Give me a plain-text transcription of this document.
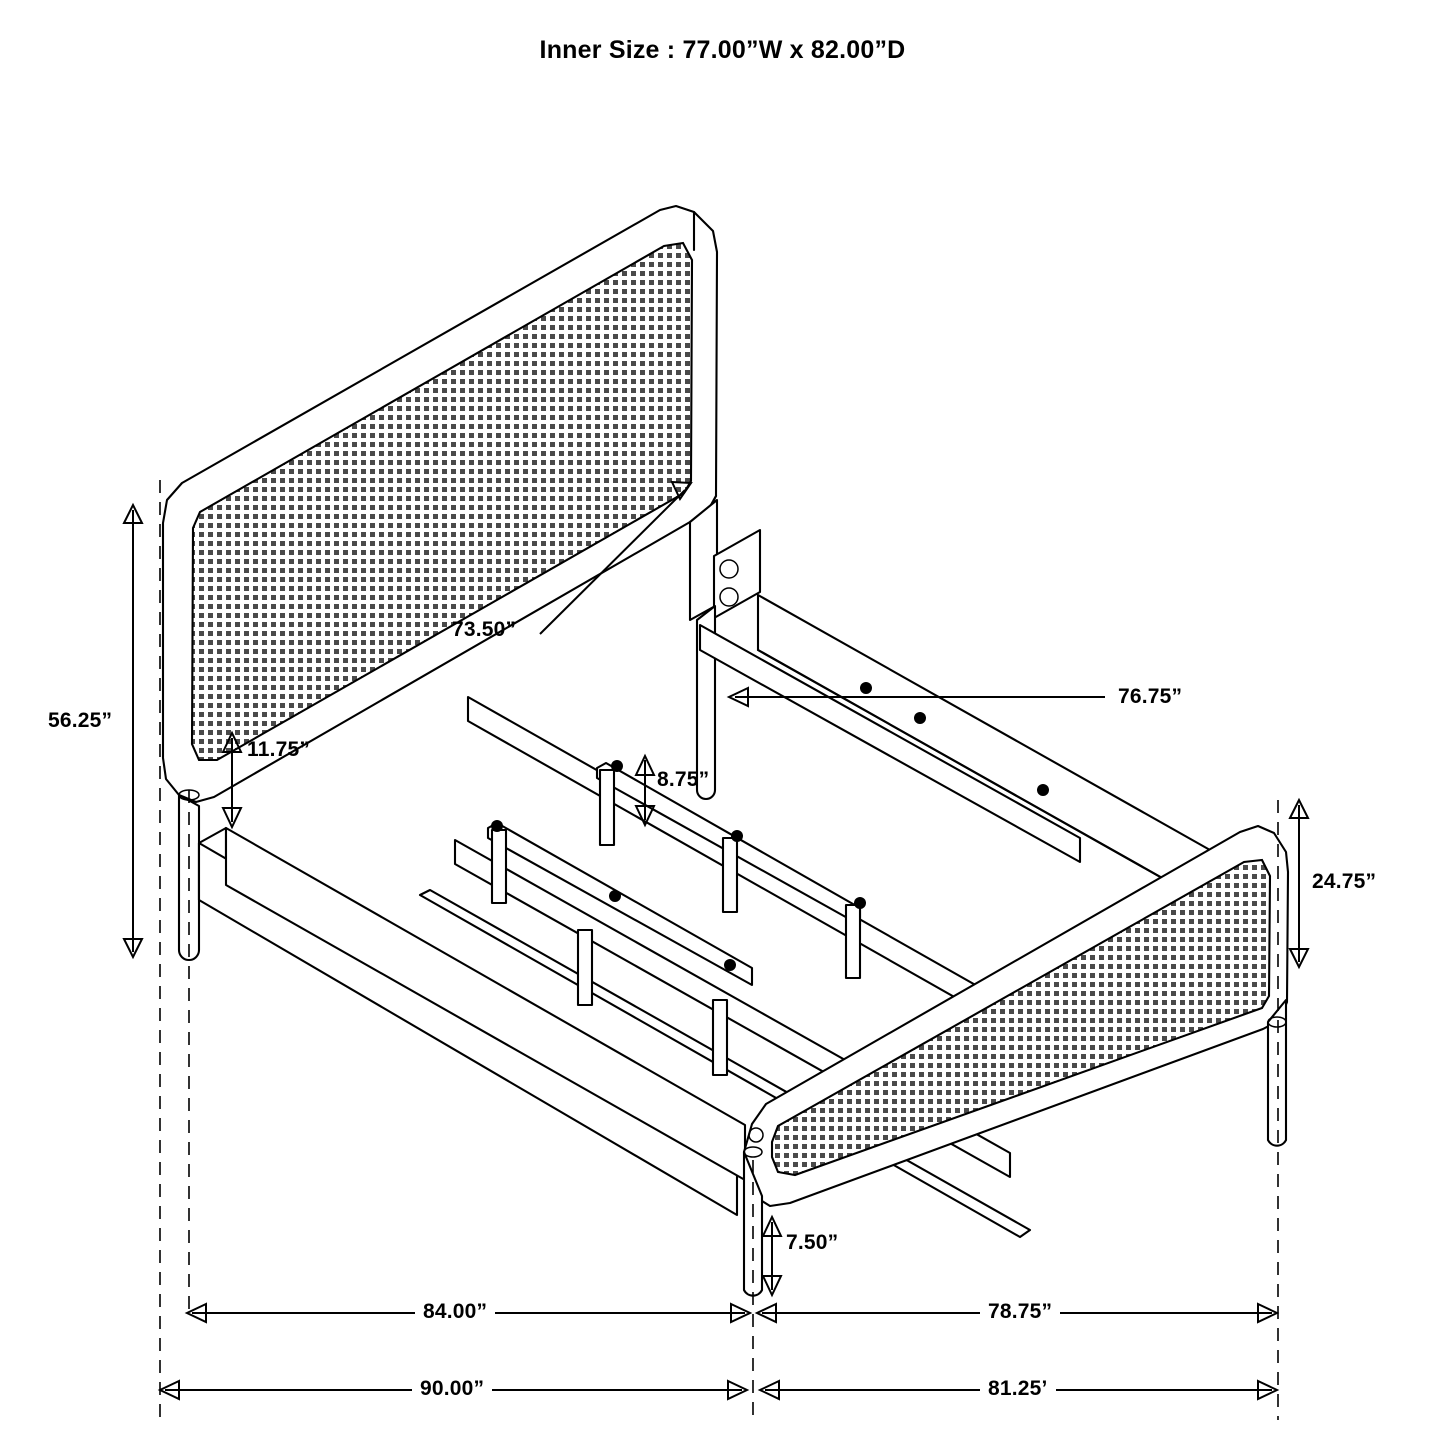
Inner Size : 77.00”W x 82.00”D
56.25”
73.50”
11.75”
8.75”
76.75”
24.75”
7.50”
84.00”	78.75”
90.00”	81.25’
